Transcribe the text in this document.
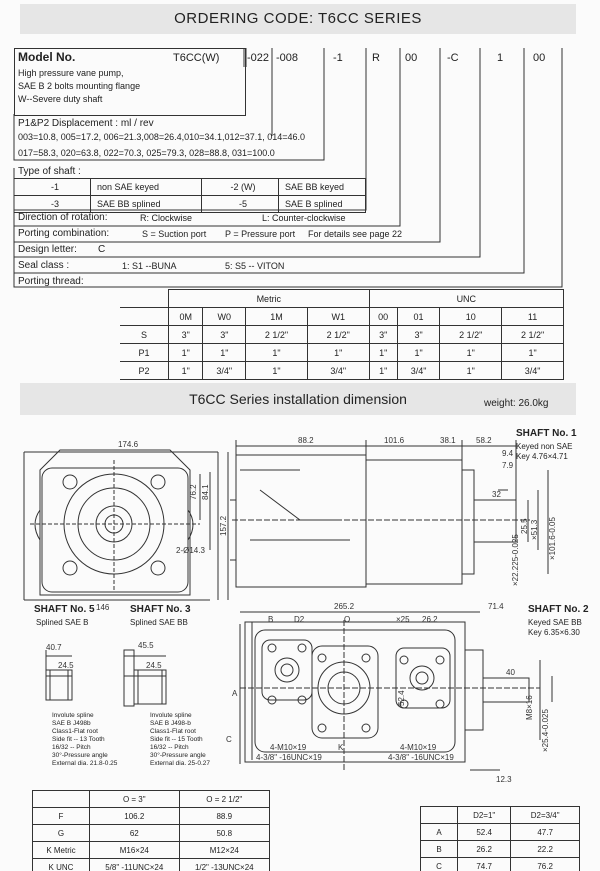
ORDERING CODE: T6CC SERIES
Model No.
High pressure vane pump,
SAE B 2 bolts mounting flange
W--Severe duty shaft
T6CC(W)	-022 -008	-1	R 00	-C	1	00
P1&P2 Displacement : ml / rev
003=10.8, 005=17.2, 006=21.3,008=26.4,010=34.1,012=37.1, 014=46.0
017=58.3, 020=63.8, 022=70.3, 025=79.3, 028=88.8, 031=100.0
Type of shaft :
-1	non SAE keyed	-2 (W)	SAE BB keyed
-3	SAE BB splined	-5	SAE B splined
Direction of rotation:	R: Clockwise	L: Counter-clockwise
Porting combination:	S = Suction port P = Pressure port For details see page 22
Design letter: C
Seal class :	1: S1 --BUNA	5: S5 -- VITON
Porting thread:
	Metric				UNC			
	0M	W0	1M	W1	00	01	10	11
S	3"	3"	2 1/2"	2 1/2"	3"	3"	2 1/2"	2 1/2"
P1	1"	1"	1"	1"	1"	1"	1"	1"
P2	1"	3/4"	1"	3/4"	1"	3/4"	1"	3/4"
T6CC Series installation dimension	weight: 26.0kg
SHAFT No. 1
Keyed non SAE
Key 4.76×4.71
SHAFT No. 2
Keyed SAE BB
Key 6.35×6.30
SHAFT No. 5
Splined SAE B
SHAFT No. 3
Splined SAE BB
174.6
76.2 84.1
157.2
146
2-Ø14.3
88.2	101.6	38.1	58.2
9.4
7.9
32
25.5 ×51.3 ×101.6-0.05
×22.225-0.025
40.7
24.5
45.5
24.5
265.2	71.4
B	D2	O	×25 26.2
52.4
C
A
40
M8×16
×25.4-0.025
12.3
K
4-M10×19
4-3/8" -16UNC×19
4-M10×19
4-3/8" -16UNC×19
Involute spline
SAE B J498b
Class1-Flat root
Side fit -- 13 Tooth
16/32 -- Pitch
30°-Pressure angle
External dia. 21.8-0.25
Involute spline
SAE B J498-b
Class1-Flat root
Side fit -- 15 Tooth
16/32 -- Pitch
30°-Pressure angle
External dia. 25-0.27
	O = 3"	O = 2 1/2"
F	106.2	88.9
G	62	50.8
K Metric	M16×24	M12×24
K UNC	5/8" -11UNC×24	1/2" -13UNC×24
	D2=1"	D2=3/4"
A	52.4	47.7
B	26.2	22.2
C	74.7	76.2
